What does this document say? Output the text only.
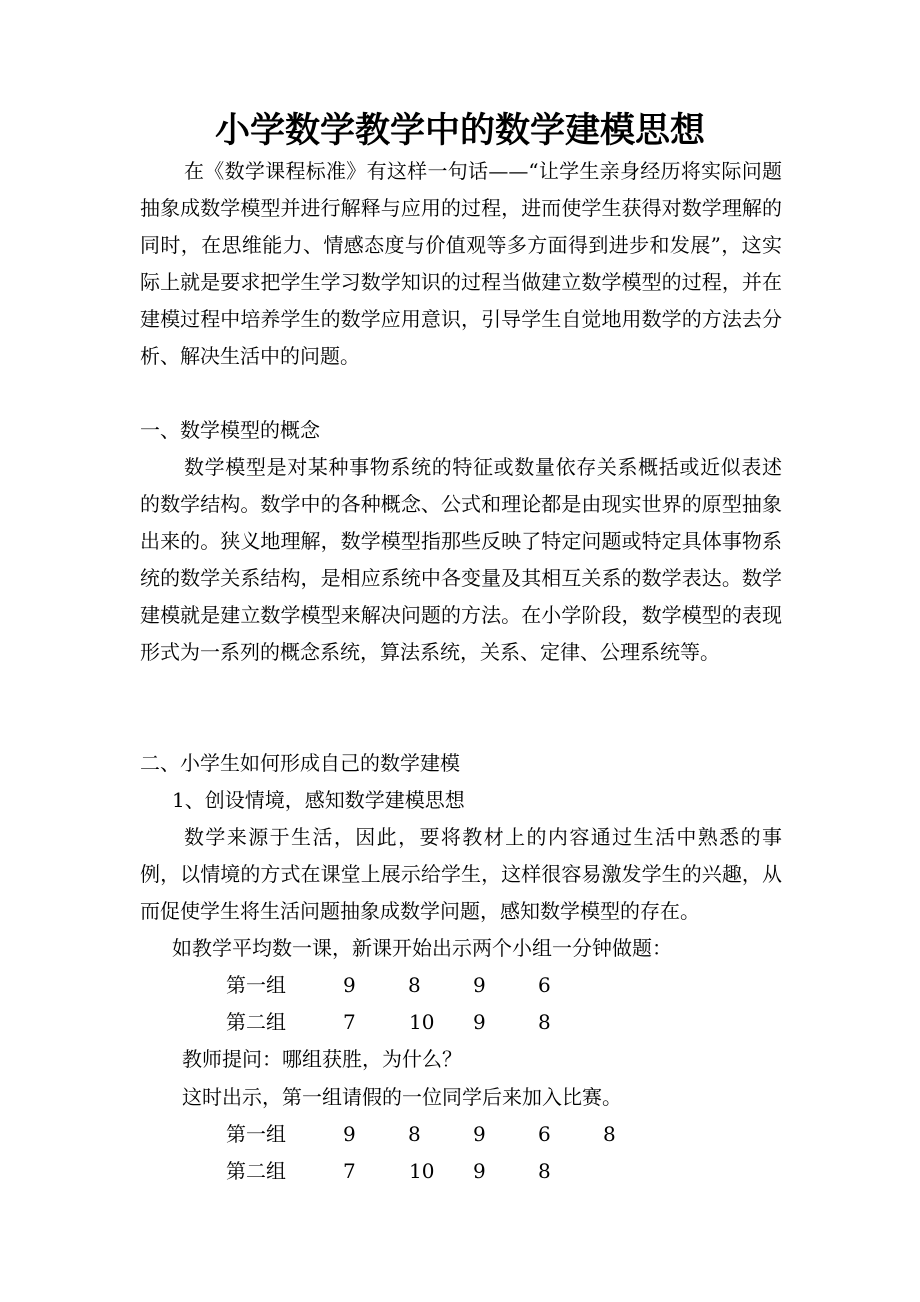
小学数学教学中的数学建模思想

在《数学课程标准》有这样一句话——“让学生亲身经历将实际问题抽象成数学模型并进行解释与应用的过程，进而使学生获得对数学理解的同时，在思维能力、情感态度与价值观等多方面得到进步和发展”，这实际上就是要求把学生学习数学知识的过程当做建立数学模型的过程，并在建模过程中培养学生的数学应用意识，引导学生自觉地用数学的方法去分析、解决生活中的问题。

一、数学模型的概念

数学模型是对某种事物系统的特征或数量依存关系概括或近似表述的数学结构。数学中的各种概念、公式和理论都是由现实世界的原型抽象出来的。狭义地理解，数学模型指那些反映了特定问题或特定具体事物系统的数学关系结构，是相应系统中各变量及其相互关系的数学表达。数学建模就是建立数学模型来解决问题的方法。在小学阶段，数学模型的表现形式为一系列的概念系统，算法系统，关系、定律、公理系统等。

二、小学生如何形成自己的数学建模

1、创设情境，感知数学建模思想

数学来源于生活，因此，要将教材上的内容通过生活中熟悉的事例，以情境的方式在课堂上展示给学生，这样很容易激发学生的兴趣，从而促使学生将生活问题抽象成数学问题，感知数学模型的存在。

如教学平均数一课，新课开始出示两个小组一分钟做题：

第一组	9	8	9	6
第二组	7	10 9	8

教师提问：哪组获胜，为什么？

这时出示，第一组请假的一位同学后来加入比赛。

第一组	9	8	9	6	8
第二组	7	10 9	8
